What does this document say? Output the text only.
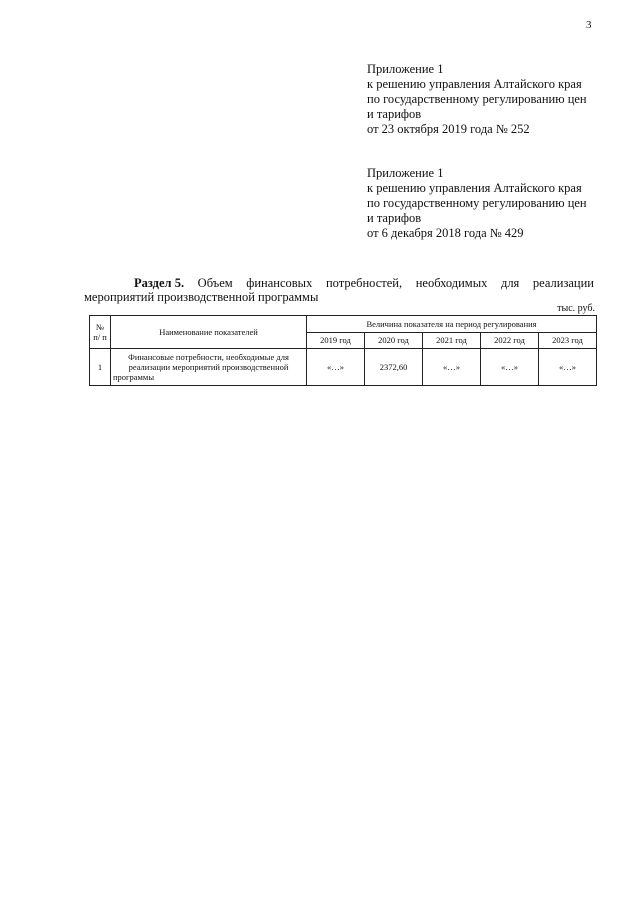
3
Приложение 1
к решению управления Алтайского края
по государственному регулированию цен
и тарифов
от 23 октября 2019 года № 252
Приложение 1
к решению управления Алтайского края
по государственному регулированию цен
и тарифов
от 6 декабря 2018 года № 429
Раздел 5. Объем финансовых потребностей, необходимых для реализации
мероприятий производственной программы
тыс. руб.
№ п/ п	Наименование показателей	Величина показателя на период регулирования				
		2019 год	2020 год	2021 год	2022 год	2023 год
1	Финансовые потребности, необходимые для реализации мероприятий производственной программы	«…»	2372,60	«…»	«…»	«…»
